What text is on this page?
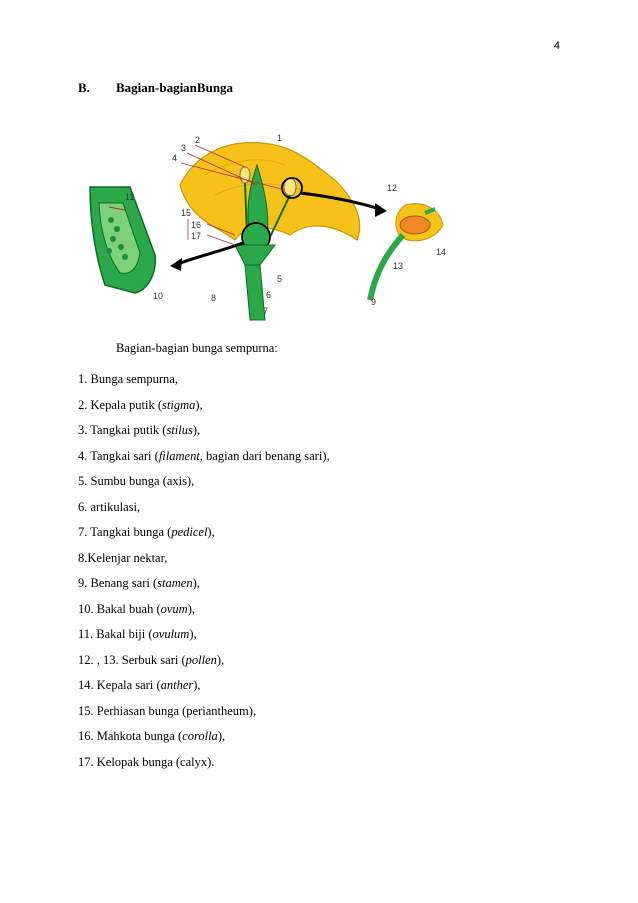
4
B. Bagian-bagianBunga
1
2
3
4
5
6
7
8	9
10
11
12
13
14
15
16
17
Bagian-bagian bunga sempurna:
1. Bunga sempurna,
2. Kepala putik (stigma),
3. Tangkai putik (stilus),
4. Tangkai sari (filament, bagian dari benang sari),
5. Sumbu bunga (axis),
6. artikulasi,
7. Tangkai bunga (pedicel),
8.Kelenjar nektar,
9. Benang sari (stamen),
10. Bakal buah (ovum),
11. Bakal biji (ovulum),
12. , 13. Serbuk sari (pollen),
14. Kepala sari (anther),
15. Perhiasan bunga (periantheum),
16. Mahkota bunga (corolla),
17. Kelopak bunga (calyx).
